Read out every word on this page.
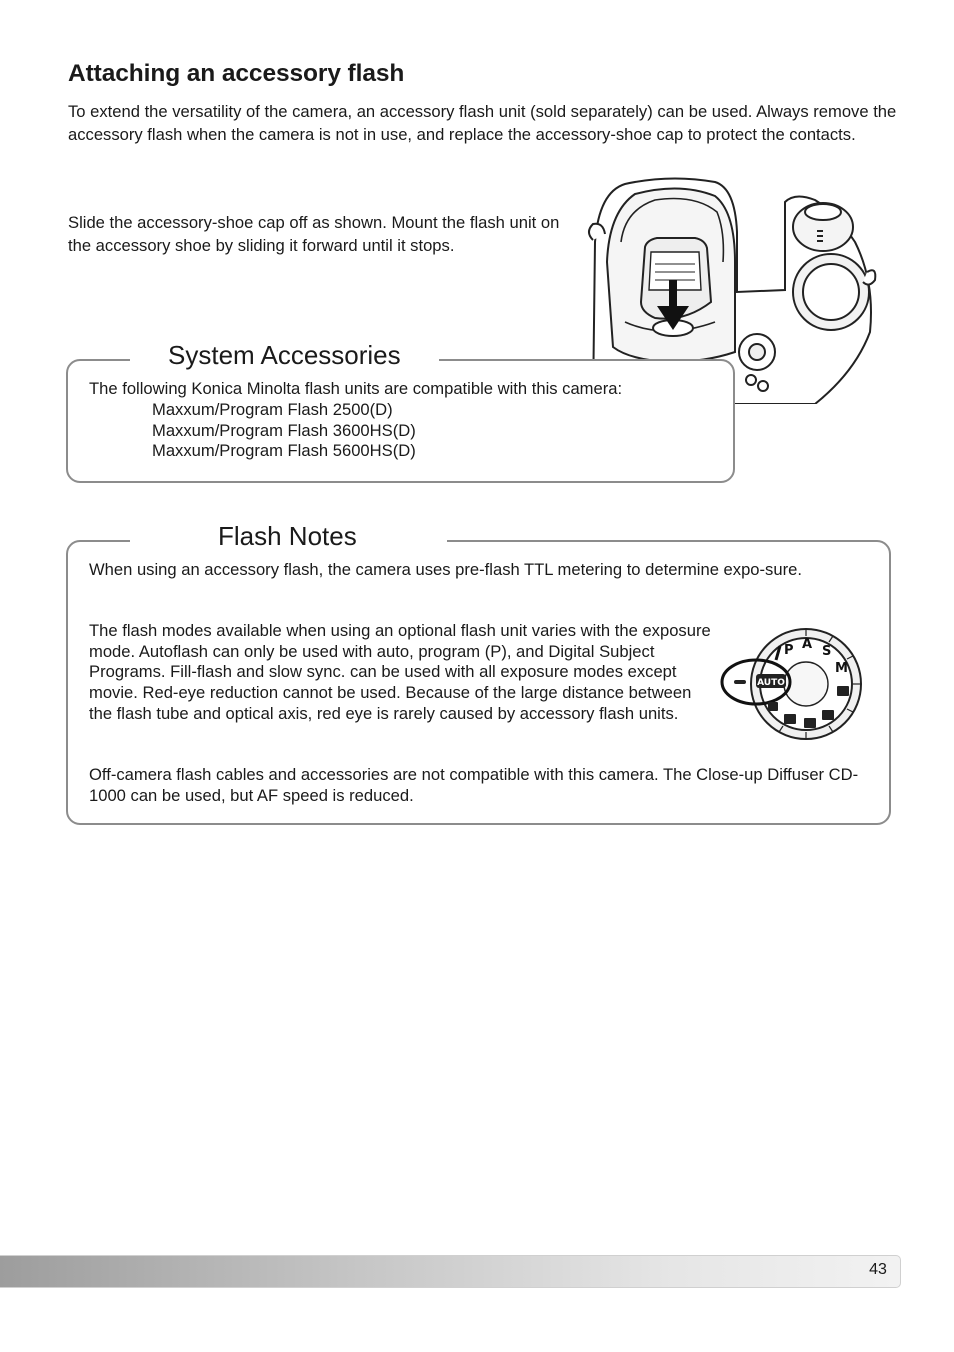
Attaching an accessory flash

To extend the versatility of the camera, an accessory flash unit (sold separately) can be used. Always remove the accessory flash when the camera is not in use, and replace the accessory-shoe cap to protect the contacts.

Slide the accessory-shoe cap off as shown. Mount the flash unit on the accessory shoe by sliding it forward until it stops.

System Accessories

The following Konica Minolta flash units are compatible with this camera:

Maxxum/Program Flash 2500(D)
Maxxum/Program Flash 3600HS(D)
Maxxum/Program Flash 5600HS(D)
Flash Notes

When using an accessory flash, the camera uses pre-flash TTL metering to determine expo-sure.

The flash modes available when using an optional flash unit varies with the exposure mode. Autoflash can only be used with auto, program (P), and Digital Subject Programs. Fill-flash and slow sync. can be used with all exposure modes except movie. Red-eye reduction cannot be used. Because of the large distance between the flash tube and optical axis, red eye is rarely caused by accessory flash units.

Off-camera flash cables and accessories are not compatible with this camera. The Close-up Diffuser CD-1000 can be used, but AF speed is reduced.

AUTO
P A S
M
43
